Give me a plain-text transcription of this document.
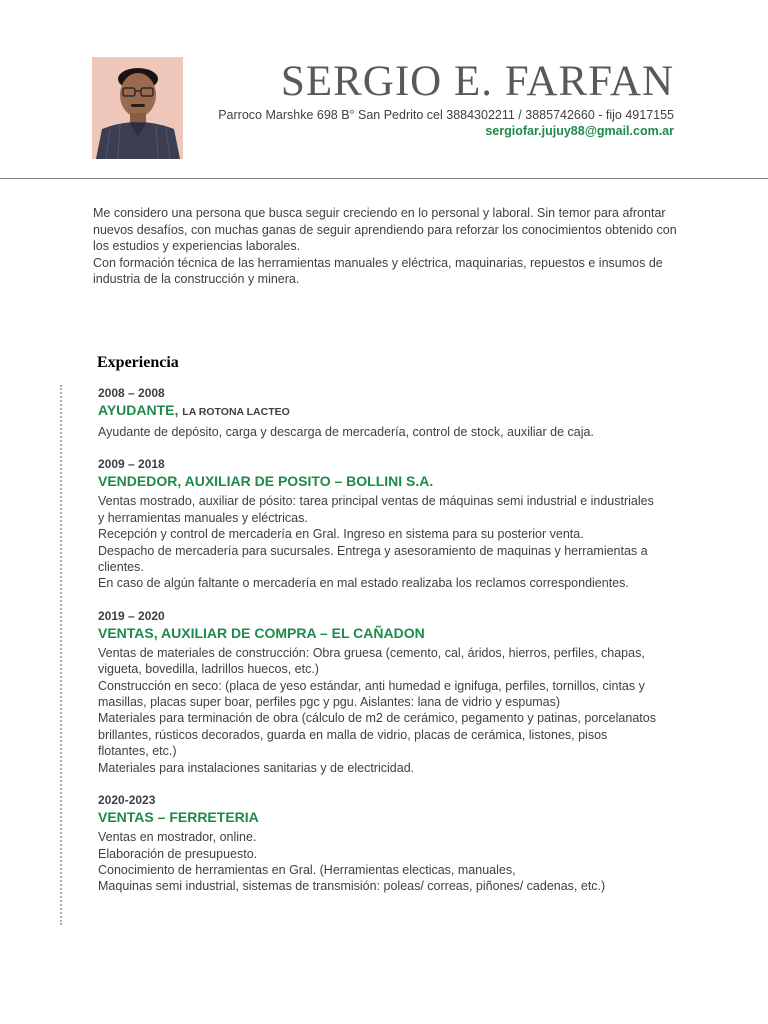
SERGIO E. FARFAN
Parroco Marshke 698 B° San Pedrito cel 3884302211 / 3885742660 - fijo 4917155
sergiofar.jujuy88@gmail.com.ar

Me considero una persona que busca seguir creciendo en lo personal y laboral. Sin temor para afrontar nuevos desafíos, con muchas ganas de seguir aprendiendo para reforzar los conocimientos obtenido con los estudios y experiencias laborales.

Con formación técnica de las herramientas manuales y eléctrica, maquinarias, repuestos e insumos de industria de la construcción y minera.

Experiencia
2008 – 2008
AYUDANTE, LA ROTONA LACTEO
Ayudante de depósito, carga y descarga de mercadería, control de stock, auxiliar de caja.
2009 – 2018
VENDEDOR, AUXILIAR DE POSITO – BOLLINI S.A.
Ventas mostrado, auxiliar de pósito: tarea principal ventas de máquinas semi industrial e industriales y herramientas manuales y eléctricas.
Recepción y control de mercadería en Gral. Ingreso en sistema para su posterior venta.
Despacho de mercadería para sucursales. Entrega y asesoramiento de maquinas y herramientas a clientes.
En caso de algún faltante o mercadería en mal estado realizaba los reclamos correspondientes.
2019 – 2020
VENTAS, AUXILIAR DE COMPRA – EL CAÑADON
Ventas de materiales de construcción: Obra gruesa (cemento, cal, áridos, hierros, perfiles, chapas, vigueta, bovedilla, ladrillos huecos, etc.)
Construcción en seco: (placa de yeso estándar, anti humedad e ignifuga, perfiles, tornillos, cintas y masillas, placas super boar, perfiles pgc y pgu. Aislantes: lana de vidrio y espumas)
Materiales para terminación de obra (cálculo de m2 de cerámico, pegamento y patinas, porcelanatos brillantes, rústicos decorados, guarda en malla de vidrio, placas de cerámica, listones, pisos flotantes, etc.)
Materiales para instalaciones sanitarias y de electricidad.
2020-2023
VENTAS – FERRETERIA
Ventas en mostrador, online.
Elaboración de presupuesto.
Conocimiento de herramientas en Gral. (Herramientas electicas, manuales,
Maquinas semi industrial, sistemas de transmisión: poleas/ correas, piñones/ cadenas, etc.)
